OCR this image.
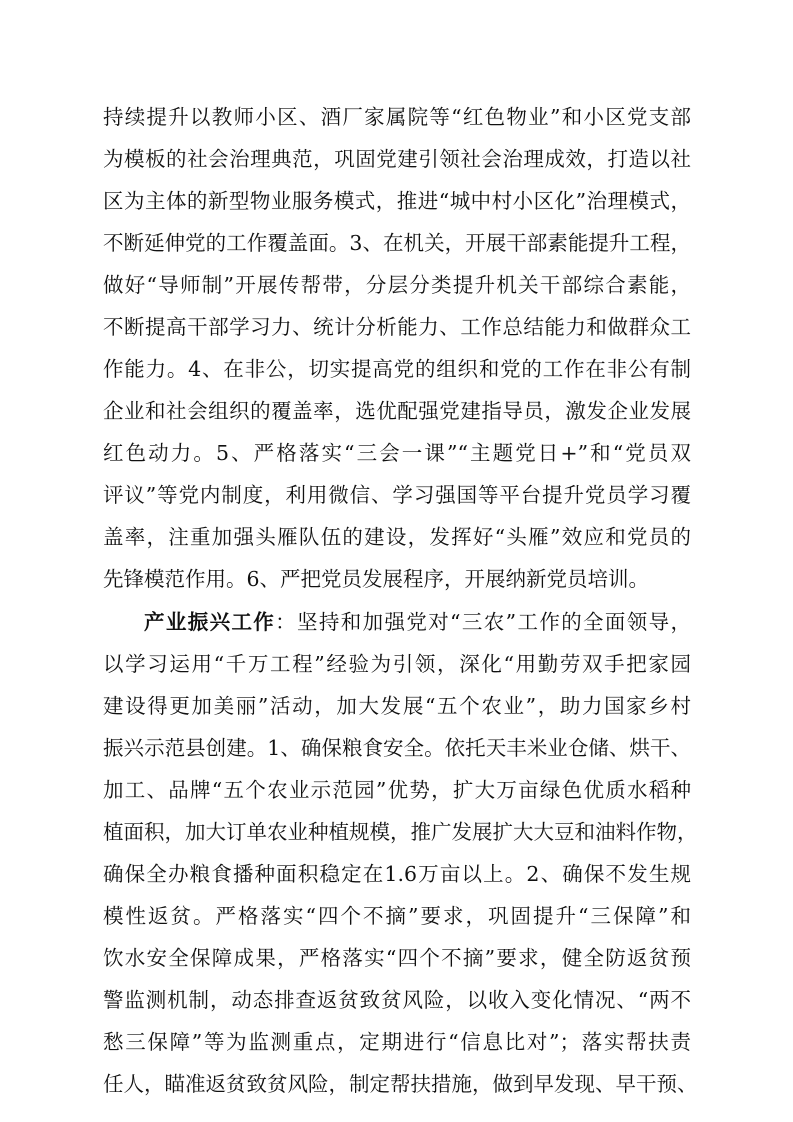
持续提升以教师小区、酒厂家属院等“红色物业”和小区党支部
为模板的社会治理典范，巩固党建引领社会治理成效，打造以社
区为主体的新型物业服务模式，推进“城中村小区化”治理模式，
不断延伸党的工作覆盖面。3、在机关，开展干部素能提升工程，
做好“导师制”开展传帮带，分层分类提升机关干部综合素能，
不断提高干部学习力、统计分析能力、工作总结能力和做群众工
作能力。4、在非公，切实提高党的组织和党的工作在非公有制
企业和社会组织的覆盖率，选优配强党建指导员，激发企业发展
红色动力。5、严格落实“三会一课”“主题党日+”和“党员双
评议”等党内制度，利用微信、学习强国等平台提升党员学习覆
盖率，注重加强头雁队伍的建设，发挥好“头雁”效应和党员的
先锋模范作用。6、严把党员发展程序，开展纳新党员培训。
产业振兴工作：坚持和加强党对“三农”工作的全面领导，
以学习运用“千万工程”经验为引领，深化“用勤劳双手把家园
建设得更加美丽”活动，加大发展“五个农业”，助力国家乡村
振兴示范县创建。1、确保粮食安全。依托天丰米业仓储、烘干、
加工、品牌“五个农业示范园”优势，扩大万亩绿色优质水稻种
植面积，加大订单农业种植规模，推广发展扩大大豆和油料作物，
确保全办粮食播种面积稳定在1.6万亩以上。2、确保不发生规
模性返贫。严格落实“四个不摘”要求，巩固提升“三保障”和
饮水安全保障成果，严格落实“四个不摘”要求，健全防返贫预
警监测机制，动态排查返贫致贫风险，以收入变化情况、“两不
愁三保障”等为监测重点，定期进行“信息比对”；落实帮扶责
任人，瞄准返贫致贫风险，制定帮扶措施，做到早发现、早干预、
